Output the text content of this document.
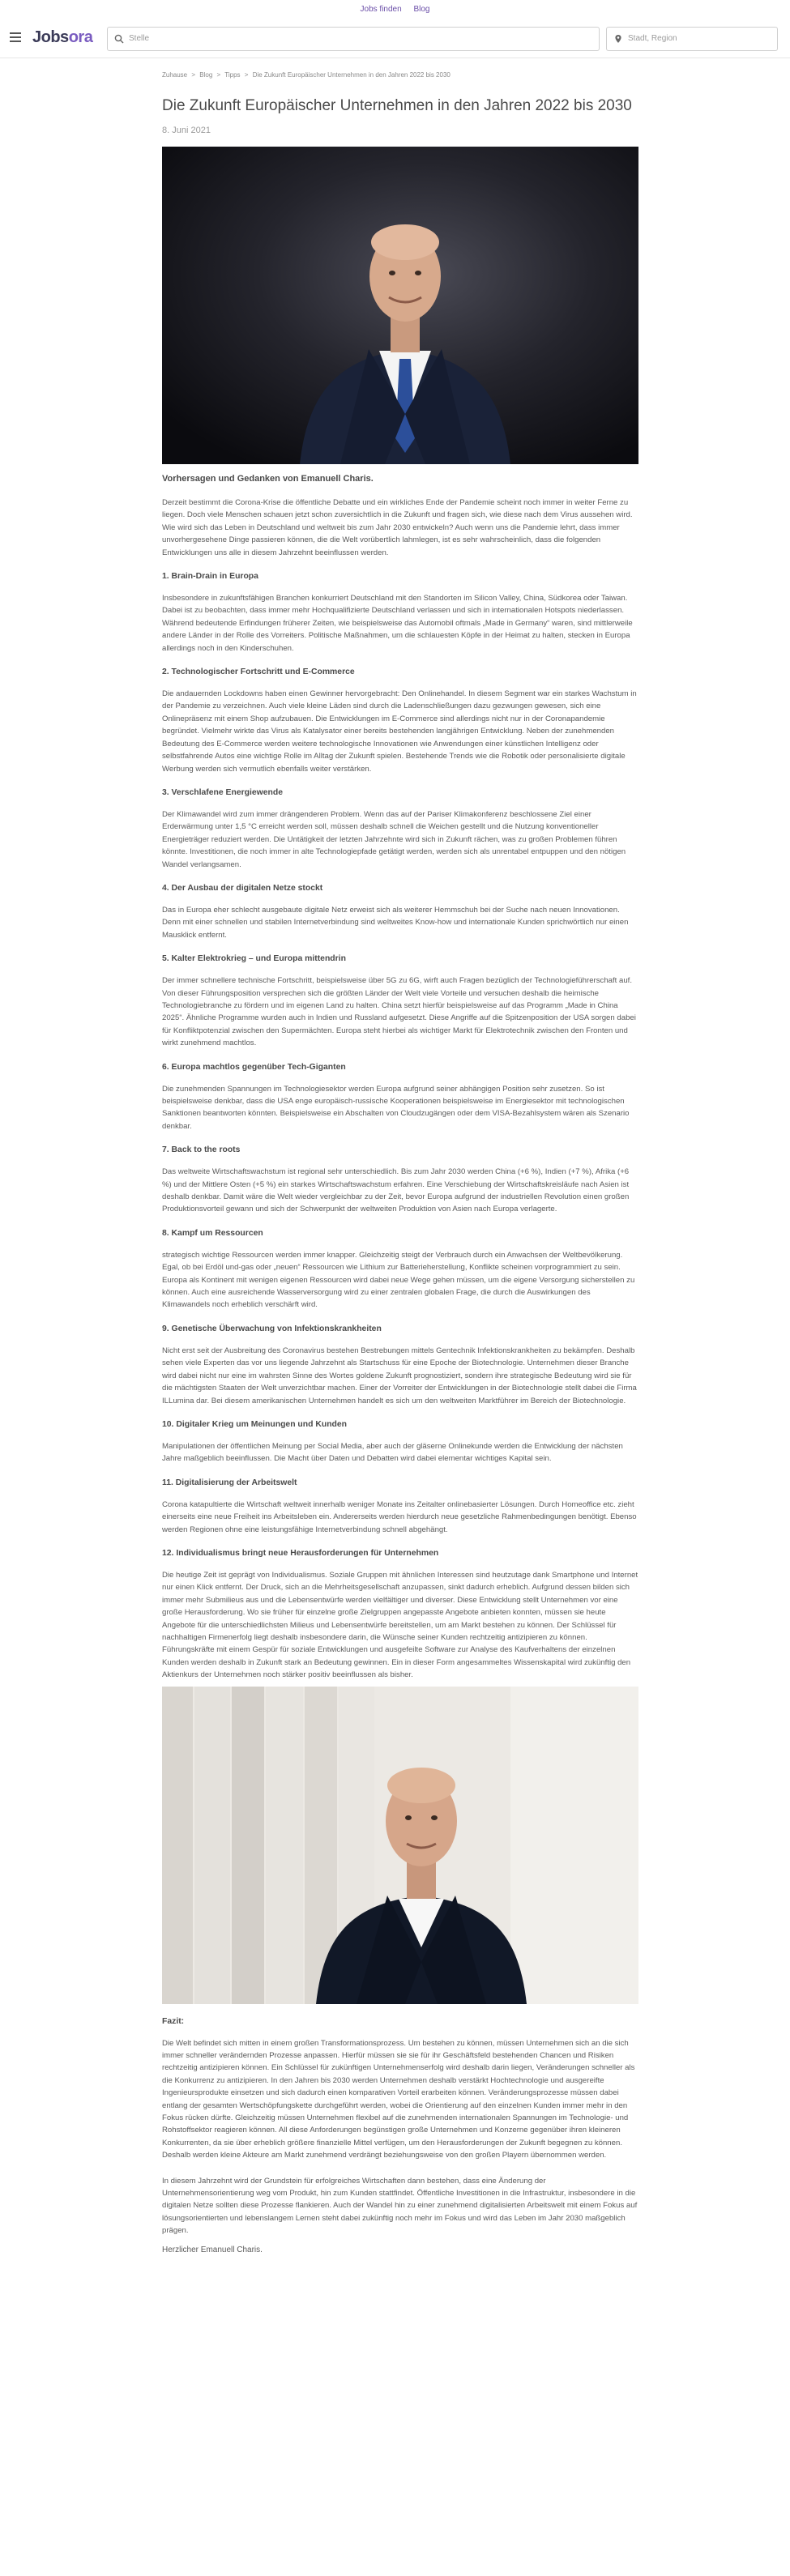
Jobs finden Blog
Jobsora	Stelle	Stadt, Region
Zuhause > Blog > Tipps > Die Zukunft Europäischer Unternehmen in den Jahren 2022 bis 2030
Die Zukunft Europäischer Unternehmen in den Jahren 2022 bis 2030
8. Juni 2021
Vorhersagen und Gedanken von Emanuell Charis.

Derzeit bestimmt die Corona-Krise die öffentliche Debatte und ein wirkliches Ende der Pandemie scheint noch immer in weiter Ferne zu liegen. Doch viele Menschen schauen jetzt schon zuversichtlich in die Zukunft und fragen sich, wie diese nach dem Virus aussehen wird. Wie wird sich das Leben in Deutschland und weltweit bis zum Jahr 2030 entwickeln? Auch wenn uns die Pandemie lehrt, dass immer unvorhergesehene Dinge passieren können, die die Welt vorübertlich lahmlegen, ist es sehr wahrscheinlich, dass die folgenden Entwicklungen uns alle in diesem Jahrzehnt beeinflussen werden.

1. Brain-Drain in Europa

Insbesondere in zukunftsfähigen Branchen konkurriert Deutschland mit den Standorten im Silicon Valley, China, Südkorea oder Taiwan. Dabei ist zu beobachten, dass immer mehr Hochqualifizierte Deutschland verlassen und sich in internationalen Hotspots niederlassen. Während bedeutende Erfindungen früherer Zeiten, wie beispielsweise das Automobil oftmals „Made in Germany“ waren, sind mittlerweile andere Länder in der Rolle des Vorreiters. Politische Maßnahmen, um die schlauesten Köpfe in der Heimat zu halten, stecken in Europa allerdings noch in den Kinderschuhen.

2. Technologischer Fortschritt und E-Commerce

Die andauernden Lockdowns haben einen Gewinner hervorgebracht: Den Onlinehandel. In diesem Segment war ein starkes Wachstum in der Pandemie zu verzeichnen. Auch viele kleine Läden sind durch die Ladenschließungen dazu gezwungen gewesen, sich eine Onlinepräsenz mit einem Shop aufzubauen. Die Entwicklungen im E-Commerce sind allerdings nicht nur in der Coronapandemie begründet. Vielmehr wirkte das Virus als Katalysator einer bereits bestehenden langjährigen Entwicklung. Neben der zunehmenden Bedeutung des E-Commerce werden weitere technologische Innovationen wie Anwendungen einer künstlichen Intelligenz oder selbstfahrende Autos eine wichtige Rolle im Alltag der Zukunft spielen. Bestehende Trends wie die Robotik oder personalisierte digitale Werbung werden sich vermutlich ebenfalls weiter verstärken.

3. Verschlafene Energiewende

Der Klimawandel wird zum immer drängenderen Problem. Wenn das auf der Pariser Klimakonferenz beschlossene Ziel einer Erderwärmung unter 1,5 °C erreicht werden soll, müssen deshalb schnell die Weichen gestellt und die Nutzung konventioneller Energieträger reduziert werden. Die Untätigkeit der letzten Jahrzehnte wird sich in Zukunft rächen, was zu großen Problemen führen könnte. Investitionen, die noch immer in alte Technologiepfade getätigt werden, werden sich als unrentabel entpuppen und den nötigen Wandel verlangsamen.

4. Der Ausbau der digitalen Netze stockt

Das in Europa eher schlecht ausgebaute digitale Netz erweist sich als weiterer Hemmschuh bei der Suche nach neuen Innovationen. Denn mit einer schnellen und stabilen Internetverbindung sind weltweites Know-how und internationale Kunden sprichwörtlich nur einen Mausklick entfernt.

5. Kalter Elektrokrieg – und Europa mittendrin

Der immer schnellere technische Fortschritt, beispielsweise über 5G zu 6G, wirft auch Fragen bezüglich der Technologieführerschaft auf. Von dieser Führungsposition versprechen sich die größten Länder der Welt viele Vorteile und versuchen deshalb die heimische Technologiebranche zu fördern und im eigenen Land zu halten. China setzt hierfür beispielsweise auf das Programm „Made in China 2025“. Ähnliche Programme wurden auch in Indien und Russland aufgesetzt. Diese Angriffe auf die Spitzenposition der USA sorgen dabei für Konfliktpotenzial zwischen den Supermächten. Europa steht hierbei als wichtiger Markt für Elektrotechnik zwischen den Fronten und wirkt zunehmend machtlos.

6. Europa machtlos gegenüber Tech-Giganten

Die zunehmenden Spannungen im Technologiesektor werden Europa aufgrund seiner abhängigen Position sehr zusetzen. So ist beispielsweise denkbar, dass die USA enge europäisch-russische Kooperationen beispielsweise im Energiesektor mit technologischen Sanktionen beantworten könnten. Beispielsweise ein Abschalten von Cloudzugängen oder dem VISA-Bezahlsystem wären als Szenario denkbar.

7. Back to the roots

Das weltweite Wirtschaftswachstum ist regional sehr unterschiedlich. Bis zum Jahr 2030 werden China (+6 %), Indien (+7 %), Afrika (+6 %) und der Mittlere Osten (+5 %) ein starkes Wirtschaftswachstum erfahren. Eine Verschiebung der Wirtschaftskreisläufe nach Asien ist deshalb denkbar. Damit wäre die Welt wieder vergleichbar zu der Zeit, bevor Europa aufgrund der industriellen Revolution einen großen Produktionsvorteil gewann und sich der Schwerpunkt der weltweiten Produktion von Asien nach Europa verlagerte.

8. Kampf um Ressourcen

strategisch wichtige Ressourcen werden immer knapper. Gleichzeitig steigt der Verbrauch durch ein Anwachsen der Weltbevölkerung. Egal, ob bei Erdöl und-gas oder „neuen“ Ressourcen wie Lithium zur Batterieherstellung, Konflikte scheinen vorprogrammiert zu sein. Europa als Kontinent mit wenigen eigenen Ressourcen wird dabei neue Wege gehen müssen, um die eigene Versorgung sicherstellen zu können. Auch eine ausreichende Wasserversorgung wird zu einer zentralen globalen Frage, die durch die Auswirkungen des Klimawandels noch erheblich verschärft wird.

9. Genetische Überwachung von Infektionskrankheiten

Nicht erst seit der Ausbreitung des Coronavirus bestehen Bestrebungen mittels Gentechnik Infektionskrankheiten zu bekämpfen. Deshalb sehen viele Experten das vor uns liegende Jahrzehnt als Startschuss für eine Epoche der Biotechnologie. Unternehmen dieser Branche wird dabei nicht nur eine im wahrsten Sinne des Wortes goldene Zukunft prognostiziert, sondern ihre strategische Bedeutung wird sie für die mächtigsten Staaten der Welt unverzichtbar machen. Einer der Vorreiter der Entwicklungen in der Biotechnologie stellt dabei die Firma ILLumina dar. Bei diesem amerikanischen Unternehmen handelt es sich um den weltweiten Marktführer im Bereich der Biotechnologie.

10. Digitaler Krieg um Meinungen und Kunden

Manipulationen der öffentlichen Meinung per Social Media, aber auch der gläserne Onlinekunde werden die Entwicklung der nächsten Jahre maßgeblich beeinflussen. Die Macht über Daten und Debatten wird dabei elementar wichtiges Kapital sein.

11. Digitalisierung der Arbeitswelt

Corona katapultierte die Wirtschaft weltweit innerhalb weniger Monate ins Zeitalter onlinebasierter Lösungen. Durch Homeoffice etc. zieht einerseits eine neue Freiheit ins Arbeitsleben ein. Andererseits werden hierdurch neue gesetzliche Rahmenbedingungen benötigt. Ebenso werden Regionen ohne eine leistungsfähige Internetverbindung schnell abgehängt.

12. Individualismus bringt neue Herausforderungen für Unternehmen

Die heutige Zeit ist geprägt von Individualismus. Soziale Gruppen mit ähnlichen Interessen sind heutzutage dank Smartphone und Internet nur einen Klick entfernt. Der Druck, sich an die Mehrheitsgesellschaft anzupassen, sinkt dadurch erheblich. Aufgrund dessen bilden sich immer mehr Submilieus aus und die Lebensentwürfe werden vielfältiger und diverser. Diese Entwicklung stellt Unternehmen vor eine große Herausforderung. Wo sie früher für einzelne große Zielgruppen angepasste Angebote anbieten konnten, müssen sie heute Angebote für die unterschiedlichsten Milieus und Lebensentwürfe bereitstellen, um am Markt bestehen zu können. Der Schlüssel für nachhaltigen Firmenerfolg liegt deshalb insbesondere darin, die Wünsche seiner Kunden rechtzeitig antizipieren zu können. Führungskräfte mit einem Gespür für soziale Entwicklungen und ausgefeilte Software zur Analyse des Kaufverhaltens der einzelnen Kunden werden deshalb in Zukunft stark an Bedeutung gewinnen. Ein in dieser Form angesammeltes Wissenskapital wird zukünftig den Aktienkurs der Unternehmen noch stärker positiv beeinflussen als bisher.

Fazit:

Die Welt befindet sich mitten in einem großen Transformationsprozess. Um bestehen zu können, müssen Unternehmen sich an die sich immer schneller verändernden Prozesse anpassen. Hierfür müssen sie sie für ihr Geschäftsfeld bestehenden Chancen und Risiken rechtzeitig antizipieren können. Ein Schlüssel für zukünftigen Unternehmenserfolg wird deshalb darin liegen, Veränderungen schneller als die Konkurrenz zu antizipieren. In den Jahren bis 2030 werden Unternehmen deshalb verstärkt Hochtechnologie und ausgereifte Ingenieursprodukte einsetzen und sich dadurch einen komparativen Vorteil erarbeiten können. Veränderungsprozesse müssen dabei entlang der gesamten Wertschöpfungskette durchgeführt werden, wobei die Orientierung auf den einzelnen Kunden immer mehr in den Fokus rücken dürfte. Gleichzeitig müssen Unternehmen flexibel auf die zunehmenden internationalen Spannungen im Technologie- und Rohstoffsektor reagieren können. All diese Anforderungen begünstigen große Unternehmen und Konzerne gegenüber ihren kleineren Konkurrenten, da sie über erheblich größere finanzielle Mittel verfügen, um den Herausforderungen der Zukunft begegnen zu können. Deshalb werden kleine Akteure am Markt zunehmend verdrängt beziehungsweise von den großen Playern übernommen werden.

In diesem Jahrzehnt wird der Grundstein für erfolgreiches Wirtschaften dann bestehen, dass eine Änderung der Unternehmensorientierung weg vom Produkt, hin zum Kunden stattfindet. Öffentliche Investitionen in die Infrastruktur, insbesondere in die digitalen Netze sollten diese Prozesse flankieren. Auch der Wandel hin zu einer zunehmend digitalisierten Arbeitswelt mit einem Fokus auf lösungsorientierten und lebenslangem Lernen steht dabei zukünftig noch mehr im Fokus und wird das Leben im Jahr 2030 maßgeblich prägen.

Herzlicher Emanuell Charis.
